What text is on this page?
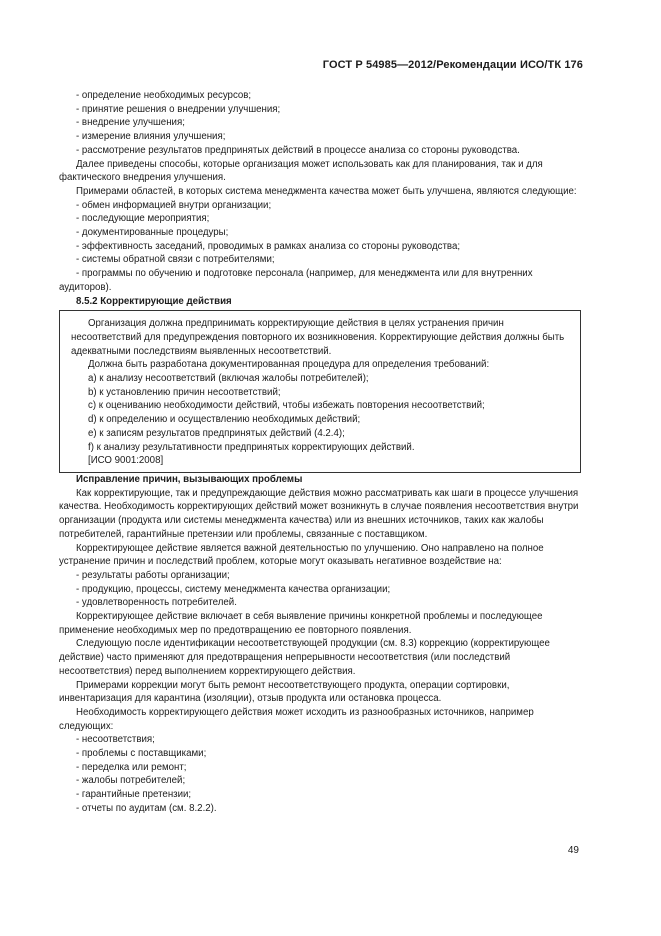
ГОСТ Р 54985—2012/Рекомендации ИСО/ТК 176

- определение необходимых ресурсов;

- принятие решения о внедрении улучшения;

- внедрение улучшения;

- измерение влияния улучшения;

- рассмотрение результатов предпринятых действий в процессе анализа со стороны руководства.

Далее приведены способы, которые организация может использовать как для планирования, так и для фактического внедрения улучшения.

Примерами областей, в которых система менеджмента качества может быть улучшена, являются следующие:

- обмен информацией внутри организации;

- последующие мероприятия;

- документированные процедуры;

- эффективность заседаний, проводимых в рамках анализа со стороны руководства;

- системы обратной связи с потребителями;

- программы по обучению и подготовке персонала (например, для менеджмента или для внутренних аудиторов).

8.5.2 Корректирующие действия

Организация должна предпринимать корректирующие действия в целях устранения причин несоответствий для предупреждения повторного их возникновения. Корректирующие действия должны быть адекватными последствиям выявленных несоответствий.

Должна быть разработана документированная процедура для определения требований:

a) к анализу несоответствий (включая жалобы потребителей);

b) к установлению причин несоответствий;

c) к оцениванию необходимости действий, чтобы избежать повторения несоответствий;

d) к определению и осуществлению необходимых действий;

e) к записям результатов предпринятых действий (4.2.4);

f) к анализу результативности предпринятых корректирующих действий.

[ИСО 9001:2008]

Исправление причин, вызывающих проблемы

Как корректирующие, так и предупреждающие действия можно рассматривать как шаги в процессе улучшения качества. Необходимость корректирующих действий может возникнуть в случае появления несоответствия внутри организации (продукта или системы менеджмента качества) или из внешних источников, таких как жалобы потребителей, гарантийные претензии или проблемы, связанные с поставщиком.

Корректирующее действие является важной деятельностью по улучшению. Оно направлено на полное устранение причин и последствий проблем, которые могут оказывать негативное воздействие на:

- результаты работы организации;

- продукцию, процессы, систему менеджмента качества организации;

- удовлетворенность потребителей.

Корректирующее действие включает в себя выявление причины конкретной проблемы и последующее применение необходимых мер по предотвращению ее повторного появления.

Следующую после идентификации несоответствующей продукции (см. 8.3) коррекцию (корректирующее действие) часто применяют для предотвращения непрерывности несоответствия (или последствий несоответствия) перед выполнением корректирующего действия.

Примерами коррекции могут быть ремонт несоответствующего продукта, операции сортировки, инвентаризация для карантина (изоляции), отзыв продукта или остановка процесса.

Необходимость корректирующего действия может исходить из разнообразных источников, например следующих:

- несоответствия;

- проблемы с поставщиками;

- переделка или ремонт;

- жалобы потребителей;

- гарантийные претензии;

- отчеты по аудитам (см. 8.2.2).

49
